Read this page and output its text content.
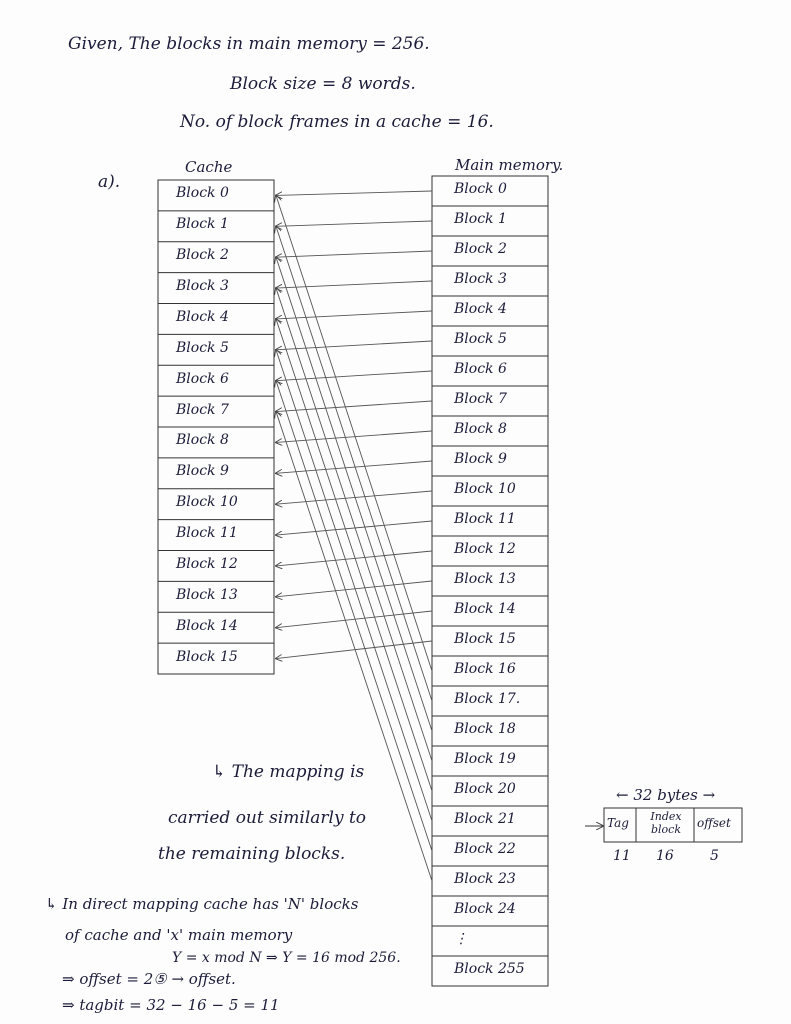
Given, The blocks in main memory = 256.
Block size = 8 words.
No. of block frames in a cache = 16.
a).
Cache	Main memory.
Block 0
Block 1
Block 2
Block 3
Block 4
Block 5
Block 6
Block 7
Block 8
Block 9
Block 10
Block 11
Block 12
Block 13
Block 14
Block 15
Block 0
Block 1
Block 2
Block 3
Block 4
Block 5
Block 6
Block 7
Block 8
Block 9
Block 10
Block 11
Block 12
Block 13
Block 14
Block 15
Block 16
Block 17.
Block 18
Block 19
Block 20
Block 21
Block 22
Block 23
Block 24
⋮
Block 255
↳ The mapping is
carried out similarly to
the remaining blocks.
← 32 bytes →
Tag	Index block	offset
11 16	5
↳ In direct mapping cache has 'N' blocks
of cache and 'x' main memory
Y = x mod N ⇒ Y = 16 mod 256.
⇒ offset = 2⑤ → offset.
⇒ tagbit = 32 − 16 − 5 = 11
